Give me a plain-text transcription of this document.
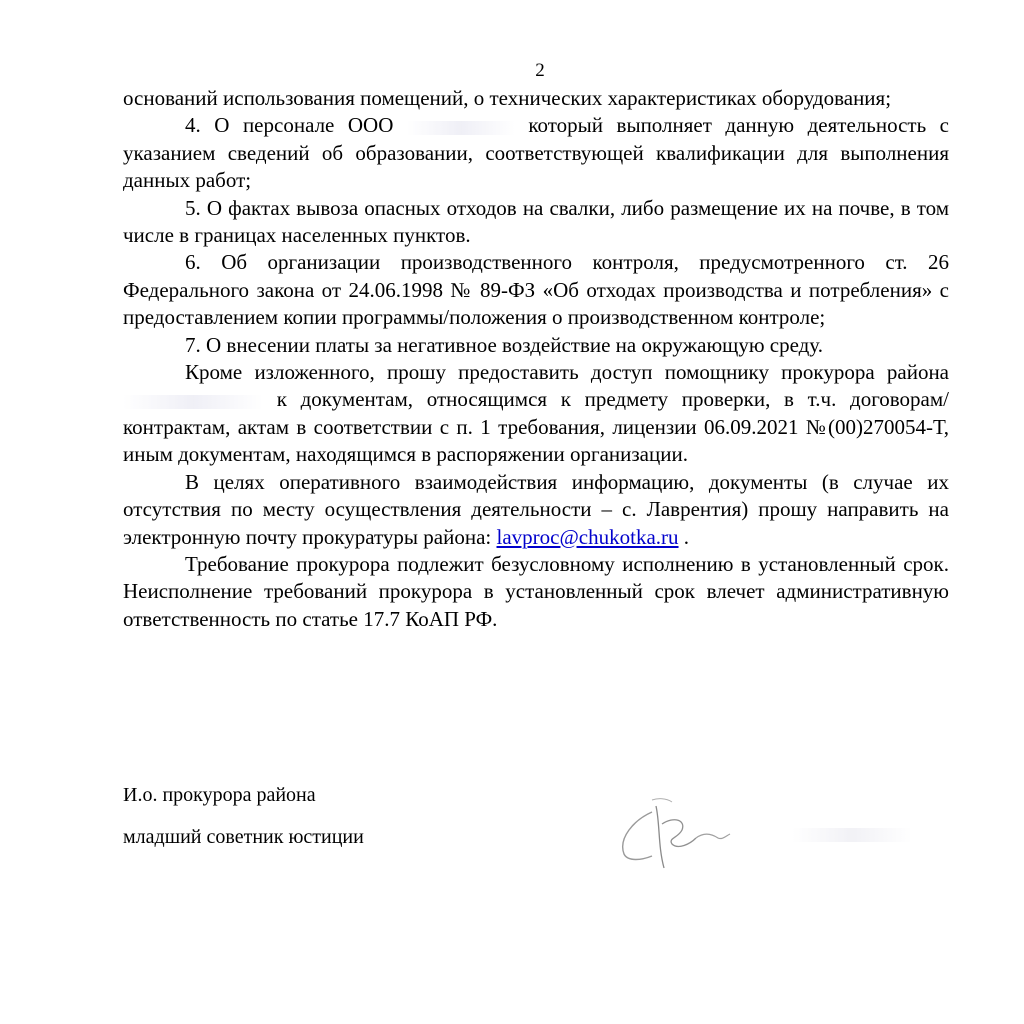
2

оснований использования помещений, о технических характеристиках оборудования;

4. О персонале ООО	который выполняет данную деятельность с указанием сведений об образовании, соответствующей квалификации для выполнения данных работ;

5. О фактах вывоза опасных отходов на свалки, либо размещение их на почве, в том числе в границах населенных пунктов.

6. Об организации производственного контроля, предусмотренного ст. 26 Федерального закона от 24.06.1998 № 89-ФЗ «Об отходах производства и потребления» с предоставлением копии программы/положения о производственном контроле;

7. О внесении платы за негативное воздействие на окружающую среду.

Кроме изложенного, прошу предоставить доступ помощнику прокурора района  к документам, относящимся к предмету проверки, в т.ч. договорам/контрактам, актам в соответствии с п. 1 требования, лицензии 06.09.2021 №(00)270054-Т, иным документам, находящимся в распоряжении организации.

В целях оперативного взаимодействия информацию, документы (в случае их отсутствия по месту осуществления деятельности – с. Лаврентия) прошу направить на электронную почту прокуратуры района: lavproc@chukotka.ru .

Требование прокурора подлежит безусловному исполнению в установленный срок. Неисполнение требований прокурора в установленный срок влечет административную ответственность по статье 17.7 КоАП РФ.

И.о. прокурора района
младший советник юстиции
